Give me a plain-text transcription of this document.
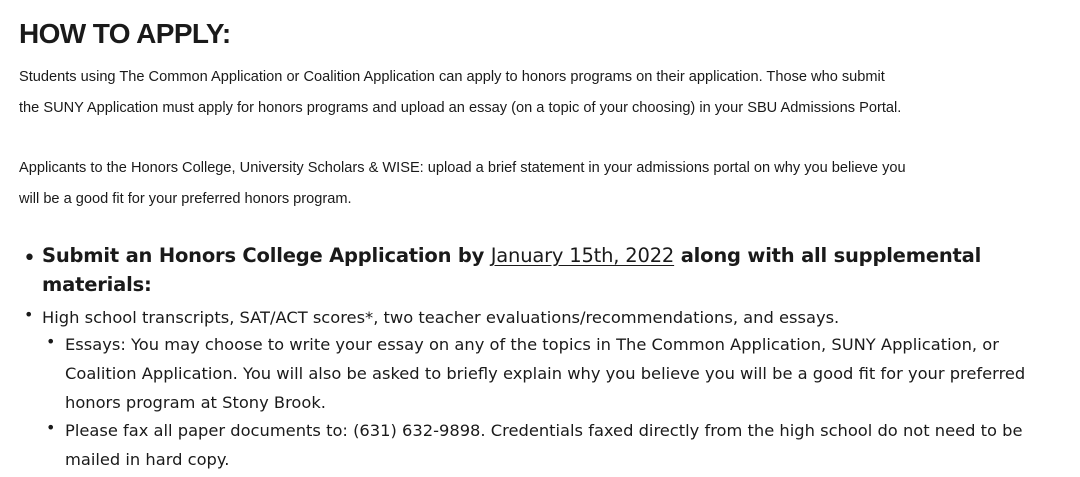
HOW TO APPLY:

Students using The Common Application or Coalition Application can apply to honors programs on their application. Those who submit
the SUNY Application must apply for honors programs and upload an essay (on a topic of your choosing) in your SBU Admissions Portal.

Applicants to the Honors College, University Scholars & WISE: upload a brief statement in your admissions portal on why you believe you
will be a good fit for your preferred honors program.

• Submit an Honors College Application by January 15th, 2022 along with all supplemental
materials:
• High school transcripts, SAT/ACT scores*, two teacher evaluations/recommendations, and essays.
• Essays: You may choose to write your essay on any of the topics in The Common Application, SUNY Application, or
Coalition Application. You will also be asked to briefly explain why you believe you will be a good fit for your preferred
honors program at Stony Brook.
• Please fax all paper documents to: (631) 632-9898. Credentials faxed directly from the high school do not need to be
mailed in hard copy.
